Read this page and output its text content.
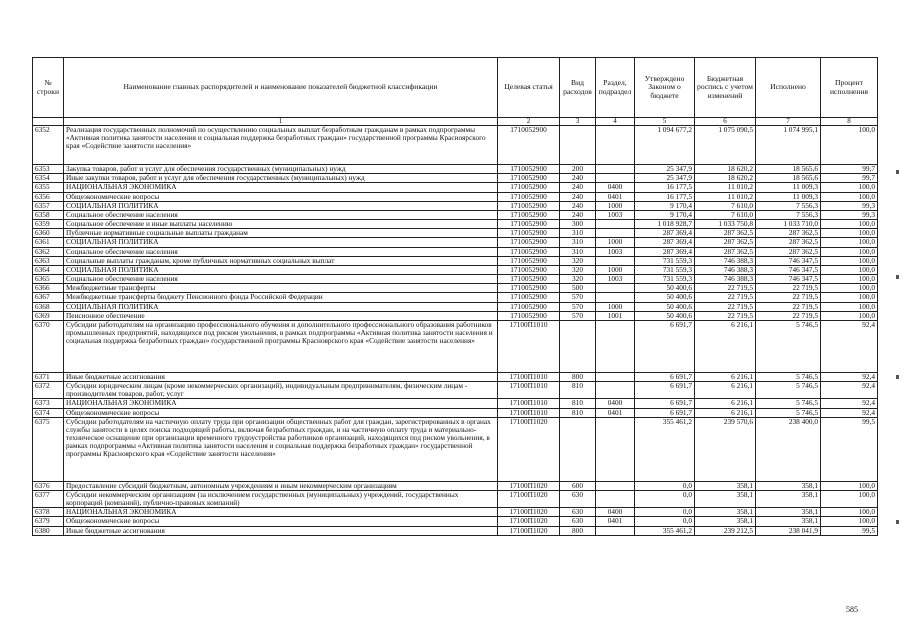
№ строки	Наименование главных распорядителей и наименование показателей бюджетной классификации	Целевая статья	Вид расходов	Раздел, подраздел	Утверждено Законом о бюджете	Бюджетная роспись с учетом изменений	Исполнено	Процент исполнения
	1	2	3	4	5	6	7	8
6352	Реализация государственных полномочий по осуществлению социальных выплат безработным гражданам в рамках подпрограммы «Активная политика занятости населения и социальная поддержка безработных граждан» государственной программы Красноярского края «Содействие занятости населения»	1710052900			1 094 677,2	1 075 090,5	1 074 995,1	100,0
6353	Закупка товаров, работ и услуг для обеспечения государственных (муниципальных) нужд	1710052900	200		25 347,9	18 620,2	18 565,6	99,7
6354	Иные закупки товаров, работ и услуг для обеспечения государственных (муниципальных) нужд	1710052900	240		25 347,9	18 620,2	18 565,6	99,7
6355	НАЦИОНАЛЬНАЯ ЭКОНОМИКА	1710052900	240	0400	16 177,5	11 010,2	11 009,3	100,0
6356	Общеэкономические вопросы	1710052900	240	0401	16 177,5	11 010,2	11 009,3	100,0
6357	СОЦИАЛЬНАЯ ПОЛИТИКА	1710052900	240	1000	9 170,4	7 610,0	7 556,3	99,3
6358	Социальное обеспечение населения	1710052900	240	1003	9 170,4	7 610,0	7 556,3	99,3
6359	Социальное обеспечение и иные выплаты населению	1710052900	300		1 018 928,7	1 033 750,8	1 033 710,0	100,0
6360	Публичные нормативные социальные выплаты гражданам	1710052900	310		287 369,4	287 362,5	287 362,5	100,0
6361	СОЦИАЛЬНАЯ ПОЛИТИКА	1710052900	310	1000	287 369,4	287 362,5	287 362,5	100,0
6362	Социальное обеспечение населения	1710052900	310	1003	287 369,4	287 362,5	287 362,5	100,0
6363	Социальные выплаты гражданам, кроме публичных нормативных социальных выплат	1710052900	320		731 559,3	746 388,3	746 347,5	100,0
6364	СОЦИАЛЬНАЯ ПОЛИТИКА	1710052900	320	1000	731 559,3	746 388,3	746 347,5	100,0
6365	Социальное обеспечение населения	1710052900	320	1003	731 559,3	746 388,3	746 347,5	100,0
6366	Межбюджетные трансферты	1710052900	500		50 400,6	22 719,5	22 719,5	100,0
6367	Межбюджетные трансферты бюджету Пенсионного фонда Российской Федерации	1710052900	570		50 400,6	22 719,5	22 719,5	100,0
6368	СОЦИАЛЬНАЯ ПОЛИТИКА	1710052900	570	1000	50 400,6	22 719,5	22 719,5	100,0
6369	Пенсионное обеспечение	1710052900	570	1001	50 400,6	22 719,5	22 719,5	100,0
6370	Субсидии работодателям на организацию профессионального обучения и дополнительного профессионального образования работников промышленных предприятий, находящихся под риском увольнения, в рамках подпрограммы «Активная политика занятости населения и социальная поддержка безработных граждан» государственной программы Красноярского края «Содействие занятости населения»	17100П1010			6 691,7	6 216,1	5 746,5	92,4
6371	Иные бюджетные ассигнования	17100П1010	800		6 691,7	6 216,1	5 746,5	92,4
6372	Субсидии юридическим лицам (кроме некоммерческих организаций), индивидуальным предпринимателям, физическим лицам - производителям товаров, работ, услуг	17100П1010	810		6 691,7	6 216,1	5 746,5	92,4
6373	НАЦИОНАЛЬНАЯ ЭКОНОМИКА	17100П1010	810	0400	6 691,7	6 216,1	5 746,5	92,4
6374	Общеэкономические вопросы	17100П1010	810	0401	6 691,7	6 216,1	5 746,5	92,4
6375	Субсидии работодателям на частичную оплату труда при организации общественных работ для граждан, зарегистрированных в органах службы занятости в целях поиска подходящей работы, включая безработных граждан, и на частичную оплату труда и материально-техническое оснащение при организации временного трудоустройства работников организаций, находящихся под риском увольнения, в рамках подпрограммы «Активная политика занятости населения и социальная поддержка безработных граждан» государственной программы Красноярского края «Содействие занятости населения»	17100П1020			355 461,2	239 570,6	238 400,0	99,5
6376	Предоставление субсидий бюджетным, автономным учреждениям и иным некоммерческим организациям	17100П1020	600		0,0	358,1	358,1	100,0
6377	Субсидии некоммерческим организациям (за исключением государственных (муниципальных) учреждений, государственных корпораций (компаний), публично-правовых компаний)	17100П1020	630		0,0	358,1	358,1	100,0
6378	НАЦИОНАЛЬНАЯ ЭКОНОМИКА	17100П1020	630	0400	0,0	358,1	358,1	100,0
6379	Общеэкономические вопросы	17100П1020	630	0401	0,0	358,1	358,1	100,0
6380	Иные бюджетные ассигнования	17100П1020	800		355 461,2	239 212,5	238 041,9	99,5
585
